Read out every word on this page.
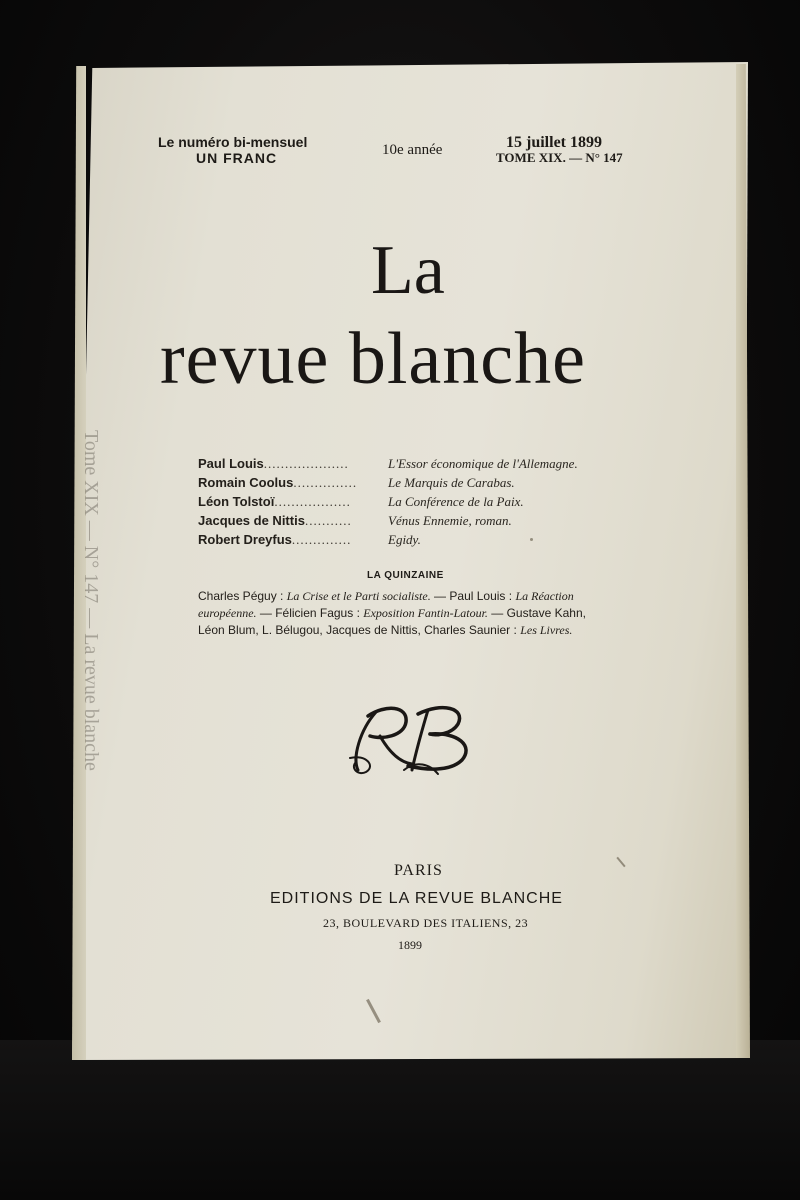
Tome XIX — N° 147 — La revue blanche
Le numéro bi-mensuel
UN FRANC	10e année	15 juillet 1899
TOME XIX. — N° 147
La
revue blanche
Paul Louis....................	L'Essor économique de l'Allemagne.
Romain Coolus............... Le Marquis de Carabas.
Léon Tolstoï..................	La Conférence de la Paix.
Jacques de Nittis...........	Vénus Ennemie, roman.
Robert Dreyfus..............	Egidy.
LA QUINZAINE
Charles Péguy : La Crise et le Parti socialiste. — Paul Louis : La Réaction
européenne. — Félicien Fagus : Exposition Fantin-Latour. — Gustave Kahn,
Léon Blum, L. Bélugou, Jacques de Nittis, Charles Saunier : Les Livres.
PARIS
EDITIONS DE LA REVUE BLANCHE
23, BOULEVARD DES ITALIENS, 23
1899
